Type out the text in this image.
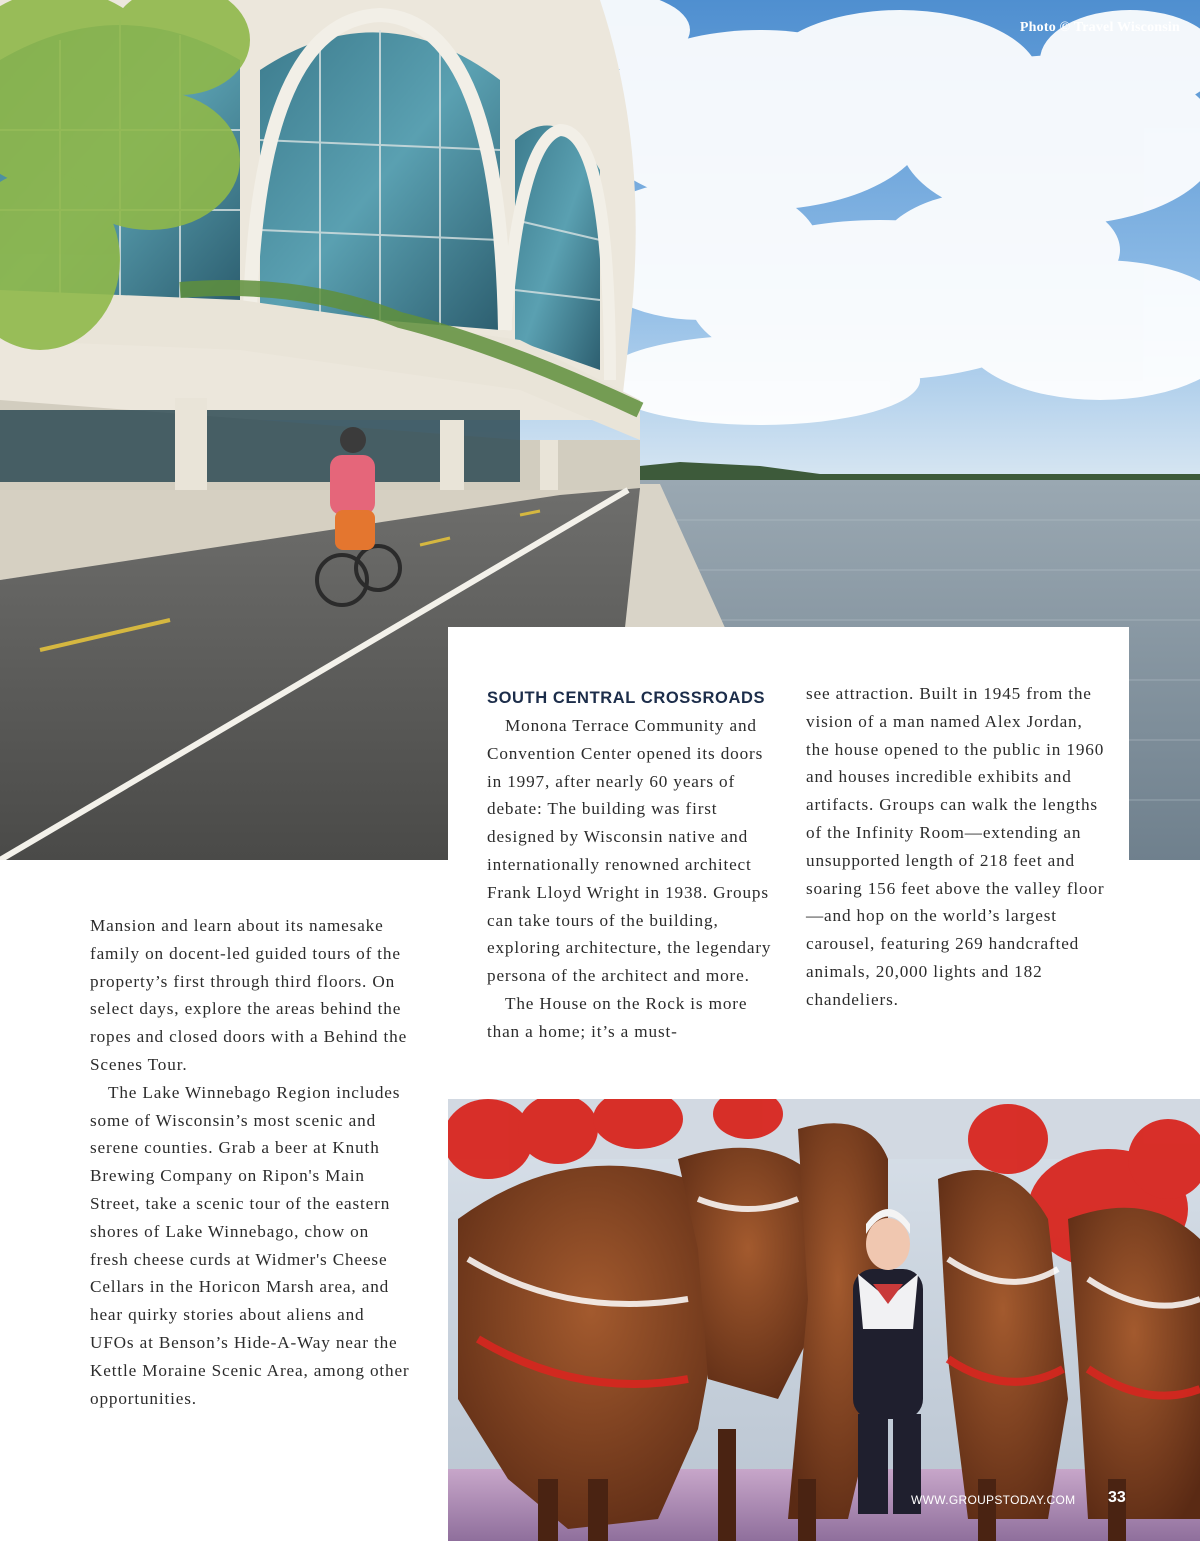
Photo © Travel Wisconsin
SOUTH CENTRAL CROSSROADS

Monona Terrace Community and Convention Center opened its doors in 1997, after nearly 60 years of debate: The building was first designed by Wisconsin native and internationally renowned architect Frank Lloyd Wright in 1938. Groups can take tours of the building, exploring architecture, the legendary persona of the architect and more.

The House on the Rock is more than a home; it’s a must-

see attraction. Built in 1945 from the vision of a man named Alex Jordan, the house opened to the public in 1960 and houses incredible exhibits and artifacts. Groups can walk the lengths of the Infinity Room—extending an unsupported length of 218 feet and soaring 156 feet above the valley floor—and hop on the world’s largest carousel, featuring 269 handcrafted animals, 20,000 lights and 182 chandeliers.

Mansion and learn about its namesake family on docent-led guided tours of the property’s first through third floors. On select days, explore the areas behind the ropes and closed doors with a Behind the Scenes Tour.

The Lake Winnebago Region includes some of Wisconsin’s most scenic and serene counties. Grab a beer at Knuth Brewing Company on Ripon's Main Street, take a scenic tour of the eastern shores of Lake Winnebago, chow on fresh cheese curds at Widmer's Cheese Cellars in the Horicon Marsh area, and hear quirky stories about aliens and UFOs at Benson’s Hide-A-Way near the Kettle Moraine Scenic Area, among other opportunities.

WWW.GROUPSTODAY.COM 33
